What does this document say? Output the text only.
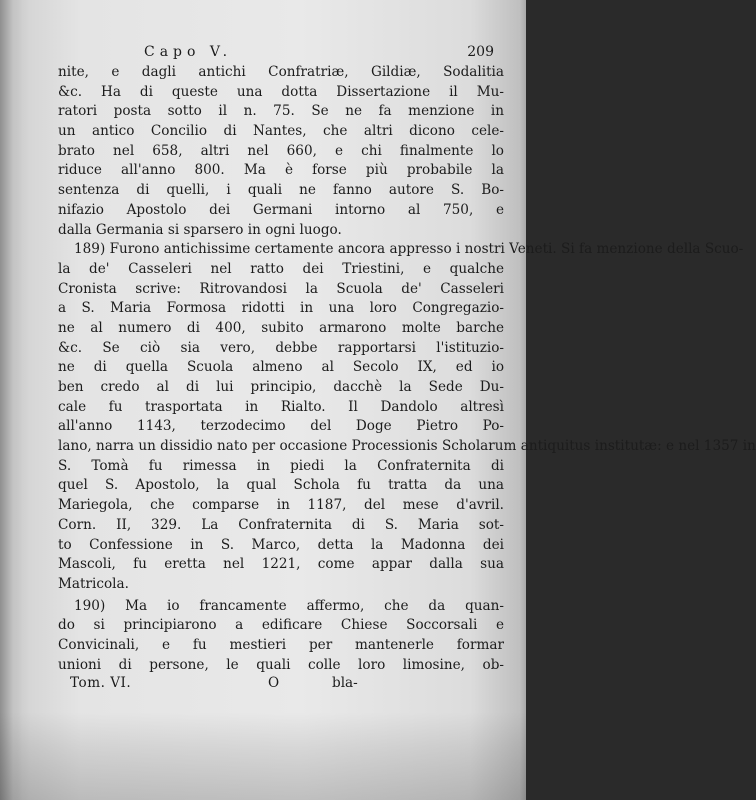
Capo V.	209
nite, e dagli antichi Confratriæ, Gildiæ, Sodalitia
&c. Ha di queste una dotta Dissertazione il Mu-
ratori posta sotto il n. 75. Se ne fa menzione in
un antico Concilio di Nantes, che altri dicono cele-
brato nel 658, altri nel 660, e chi finalmente lo
riduce all'anno 800. Ma è forse più probabile la
sentenza di quelli, i quali ne fanno autore S. Bo-
nifazio Apostolo dei Germani intorno al 750, e
dalla Germania si sparsero in ogni luogo.
189) Furono antichissime certamente ancora appresso i nostri Veneti. Si fa menzione della Scuo-
la de' Casseleri nel ratto dei Triestini, e qualche
Cronista scrive: Ritrovandosi la Scuola de' Casseleri
a S. Maria Formosa ridotti in una loro Congregazio-
ne al numero di 400, subito armarono molte barche
&c. Se ciò sia vero, debbe rapportarsi l'istituzio-
ne di quella Scuola almeno al Secolo IX, ed io
ben credo al di lui principio, dacchè la Sede Du-
cale fu trasportata in Rialto. Il Dandolo altresì
all'anno 1143, terzodecimo del Doge Pietro Po-
lano, narra un dissidio nato per occasione Processionis Scholarum antiquitus institutæ: e nel 1357 in
S. Tomà fu rimessa in piedi la Confraternita di
quel S. Apostolo, la qual Schola fu tratta da una
Mariegola, che comparse in 1187, del mese d'avril.
Corn. II, 329. La Confraternita di S. Maria sot-
to Confessione in S. Marco, detta la Madonna dei
Mascoli, fu eretta nel 1221, come appar dalla sua
Matricola.
190) Ma io francamente affermo, che da quan-
do si principiarono a edificare Chiese Soccorsali e
Convicinali, e fu mestieri per mantenerle formar
unioni di persone, le quali colle loro limosine, ob-
Tom. VI.	O	bla-
